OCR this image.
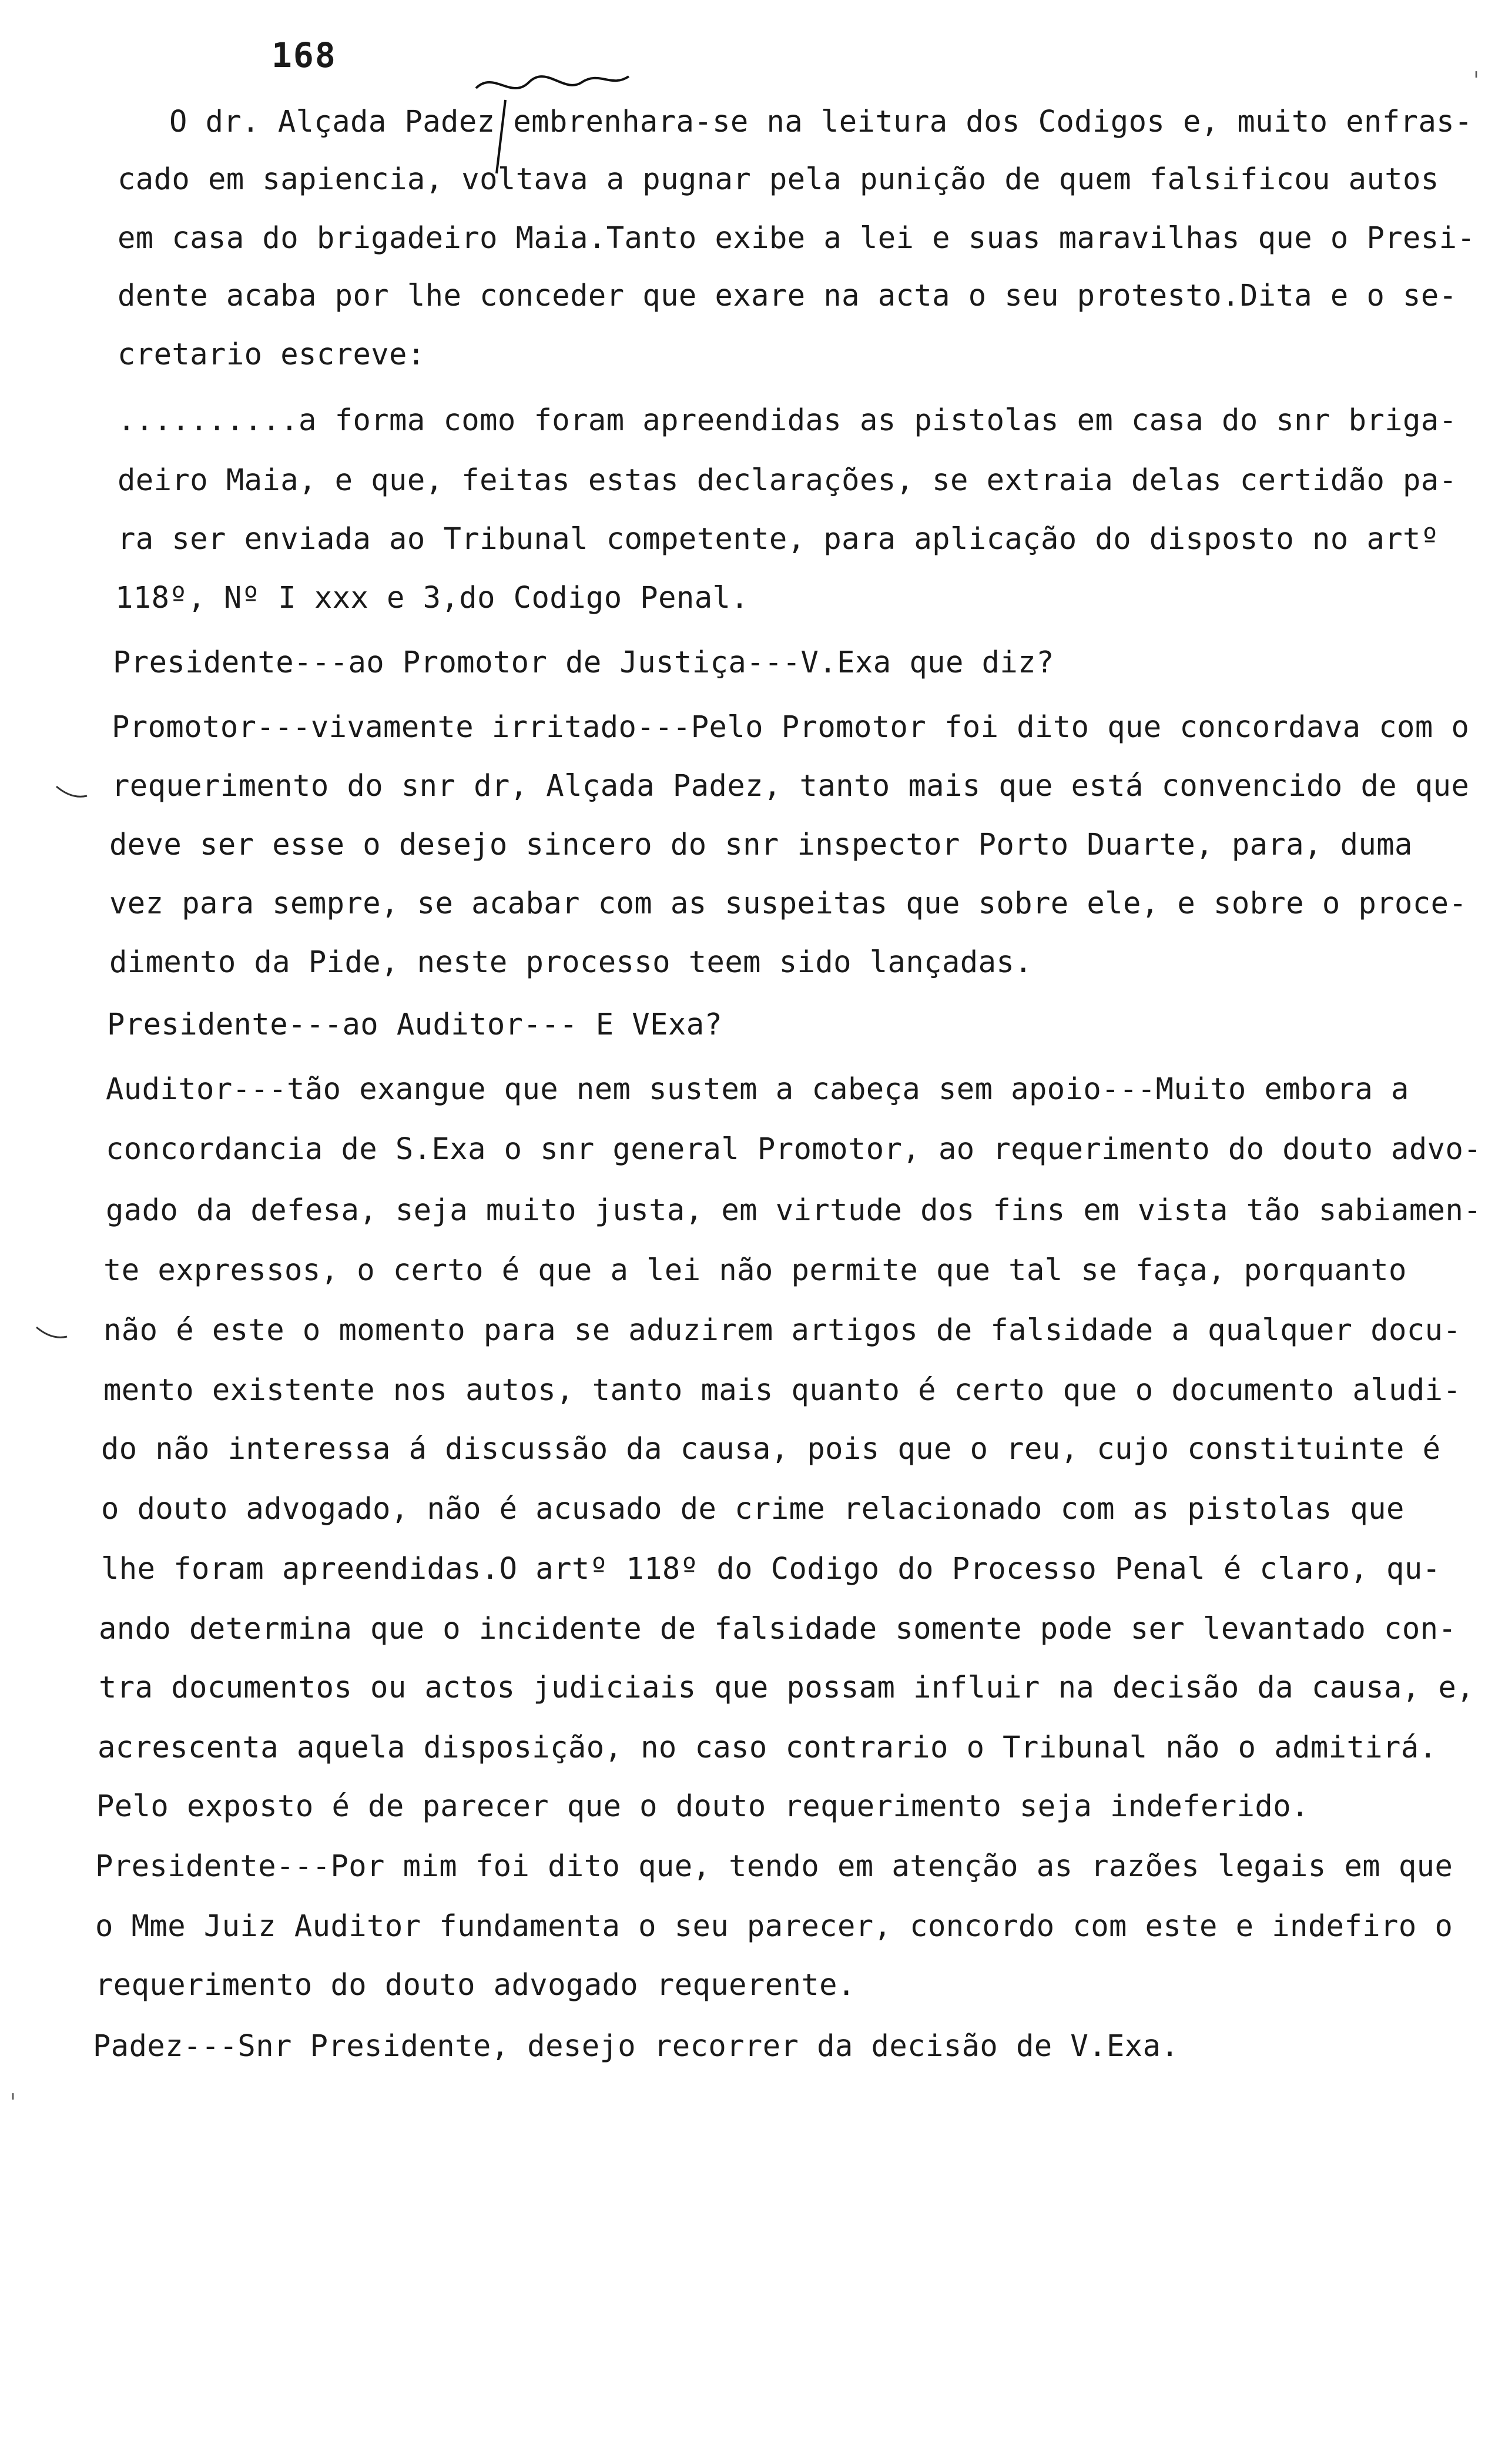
168	ˌ
ˌ
O dr. Alçada Padez embrenhara-se na leitura dos Codigos e, muito enfras-
cado em sapiencia, voltava a pugnar pela punição de quem falsificou autos
em casa do brigadeiro Maia.Tanto exibe a lei e suas maravilhas que o Presi-
dente acaba por lhe conceder que exare na acta o seu protesto.Dita e o se-
cretario escreve:
..........a forma como foram apreendidas as pistolas em casa do snr briga-
deiro Maia, e que, feitas estas declarações, se extraia delas certidão pa-
ra ser enviada ao Tribunal competente, para aplicação do disposto no artº
118º, Nº I xxx e 3,do Codigo Penal.
Presidente---ao Promotor de Justiça---V.Exa que diz?
Promotor---vivamente irritado---Pelo Promotor foi dito que concordava com o
requerimento do snr dr, Alçada Padez, tanto mais que está convencido de que
deve ser esse o desejo sincero do snr inspector Porto Duarte, para, duma
vez para sempre, se acabar com as suspeitas que sobre ele, e sobre o proce-
dimento da Pide, neste processo teem sido lançadas.
Presidente---ao Auditor--- E VExa?
Auditor---tão exangue que nem sustem a cabeça sem apoio---Muito embora a
concordancia de S.Exa o snr general Promotor, ao requerimento do douto advo-
gado da defesa, seja muito justa, em virtude dos fins em vista tão sabiamen-
te expressos, o certo é que a lei não permite que tal se faça, porquanto
não é este o momento para se aduzirem artigos de falsidade a qualquer docu-
mento existente nos autos, tanto mais quanto é certo que o documento aludi-
do não interessa á discussão da causa, pois que o reu, cujo constituinte é
o douto advogado, não é acusado de crime relacionado com as pistolas que
lhe foram apreendidas.O artº 118º do Codigo do Processo Penal é claro, qu-
ando determina que o incidente de falsidade somente pode ser levantado con-
tra documentos ou actos judiciais que possam influir na decisão da causa, e,
acrescenta aquela disposição, no caso contrario o Tribunal não o admitirá.
Pelo exposto é de parecer que o douto requerimento seja indeferido.
Presidente---Por mim foi dito que, tendo em atenção as razões legais em que
o Mme Juiz Auditor fundamenta o seu parecer, concordo com este e indefiro o
requerimento do douto advogado requerente.
Padez---Snr Presidente, desejo recorrer da decisão de V.Exa.
